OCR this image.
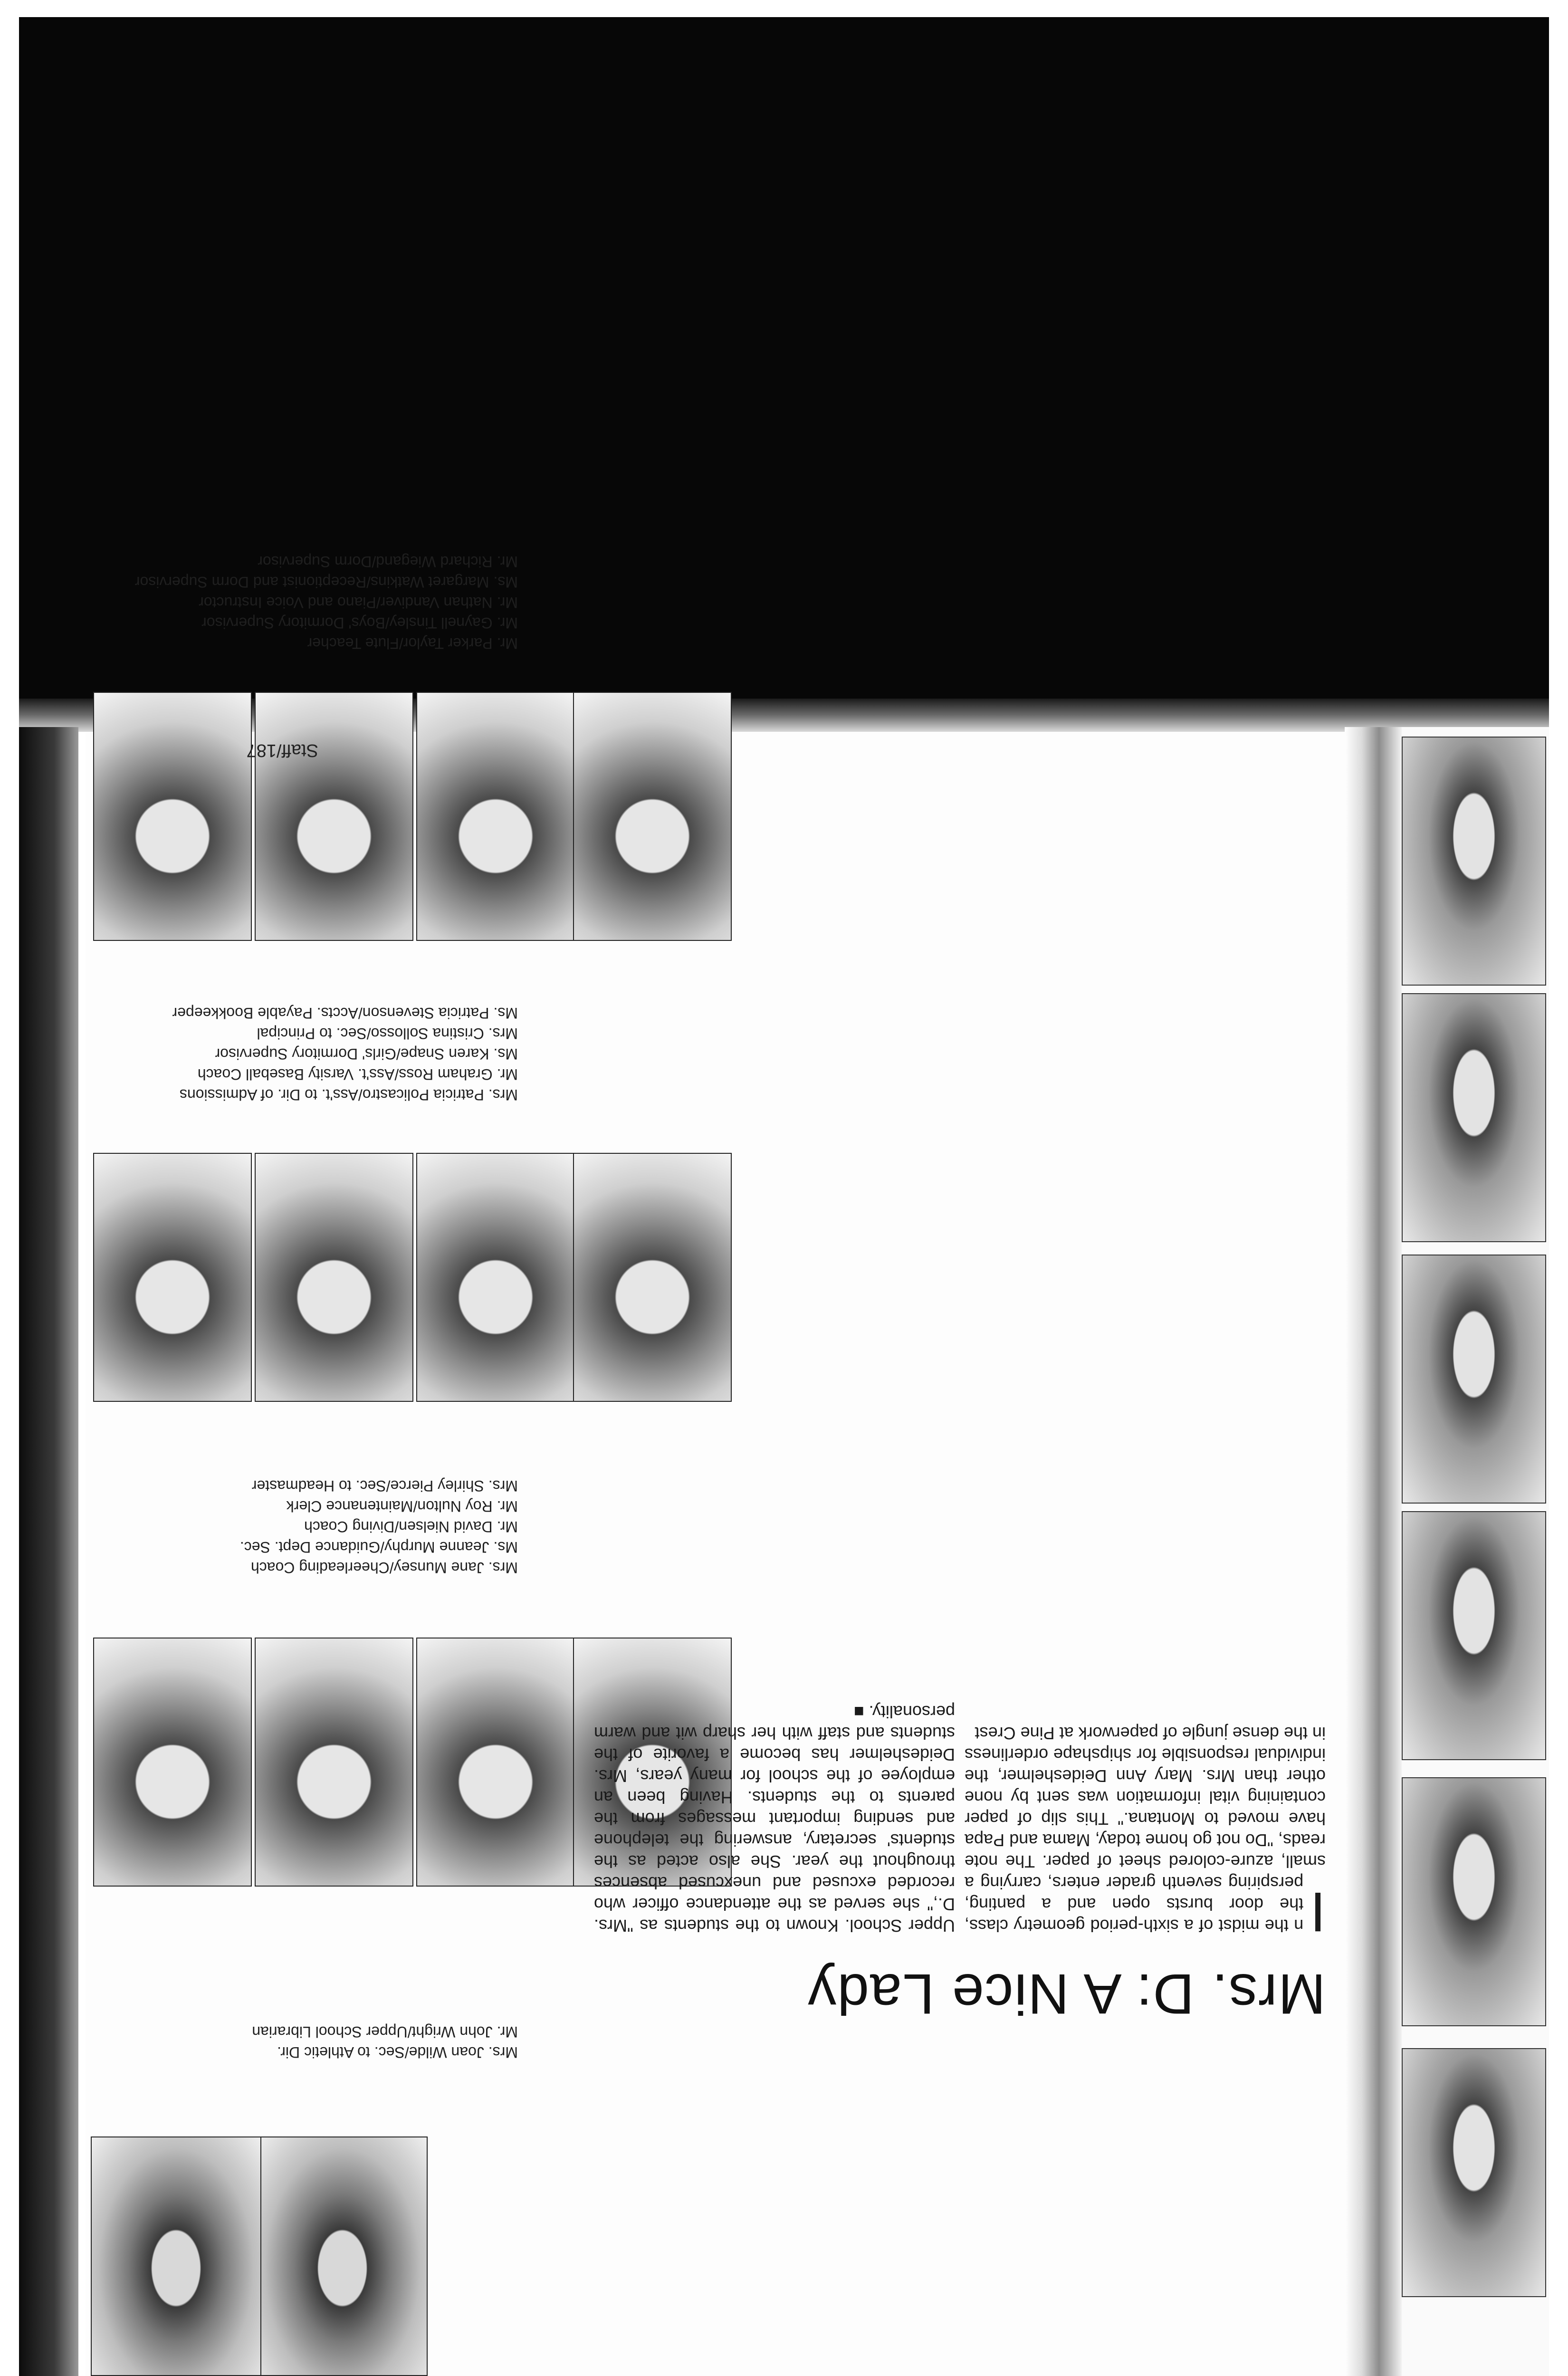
Mrs. Joan Wilde/Sec. to Athletic Dir.
Mr. John Wright/Upper School Librarian
Mrs. Jane Munsey/Cheerleading Coach
Ms. Jeanne Murphy/Guidance Dept. Sec.
Mr. David Nielsen/Diving Coach
Mr. Roy Nulton/Maintenance Clerk
Mrs. Shirley Pierce/Sec. to Headmaster
Mrs. Patricia Policastro/Ass't. to Dir. of Admissions
Mr. Graham Ross/Ass't. Varsity Baseball Coach
Ms. Karen Snape/Girls' Dormitory Supervisor
Mrs. Cristina Sollosso/Sec. to Principal
Ms. Patricia Stevenson/Accts. Payable Bookkeeper
Mr. Parker Taylor/Flute Teacher
Mr. Gaynell Tinsley/Boys' Dormitory Supervisor
Mr. Nathan Vandiver/Piano and Voice Instructor
Ms. Margaret Watkins/Receptionist and Dorm Supervisor
Mr. Richard Wiegand/Dorm Supervisor
Mrs. D: A Nice Lady
I
n the midst of a sixth-period geometry class, the door bursts open and a panting, perspiring seventh grader enters, carrying a small, azure-colored sheet of paper. The note reads, "Do not go home today, Mama and Papa have moved to Montana." This slip of paper containing vital information was sent by none other than Mrs. Mary Ann Deideshelmer, the individual responsible for shipshape orderliness in the dense jungle of paperwork at Pine Crest
Upper School. Known to the students as "Mrs. D.," she served as the attendance officer who recorded excused and unexcused absences throughout the year. She also acted as the students' secretary, answering the telephone and sending important messages from the parents to the students. Having been an employee of the school for many years, Mrs. Deideshelmer has become a favorite of the students and staff with her sharp wit and warm personality. ■
Staff/187
